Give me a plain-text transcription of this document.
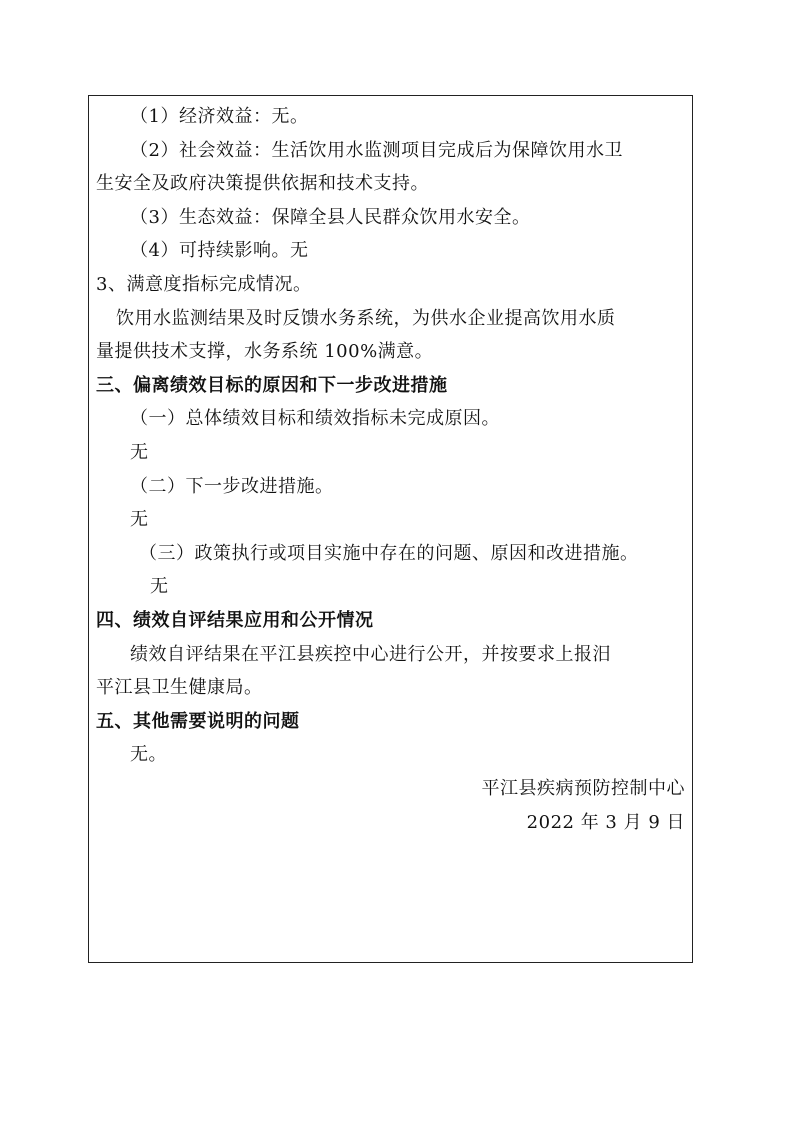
（1）经济效益：无。
（2）社会效益：生活饮用水监测项目完成后为保障饮用水卫
生安全及政府决策提供依据和技术支持。
（3）生态效益：保障全县人民群众饮用水安全。
（4）可持续影响。无
3、满意度指标完成情况。
饮用水监测结果及时反馈水务系统，为供水企业提高饮用水质
量提供技术支撑，水务系统 100%满意。
三、偏离绩效目标的原因和下一步改进措施
（一）总体绩效目标和绩效指标未完成原因。
无
（二）下一步改进措施。
无
（三）政策执行或项目实施中存在的问题、原因和改进措施。
无
四、绩效自评结果应用和公开情况
绩效自评结果在平江县疾控中心进行公开，并按要求上报汨
平江县卫生健康局。
五、其他需要说明的问题
无。
平江县疾病预防控制中心
2022 年 3 月 9 日
